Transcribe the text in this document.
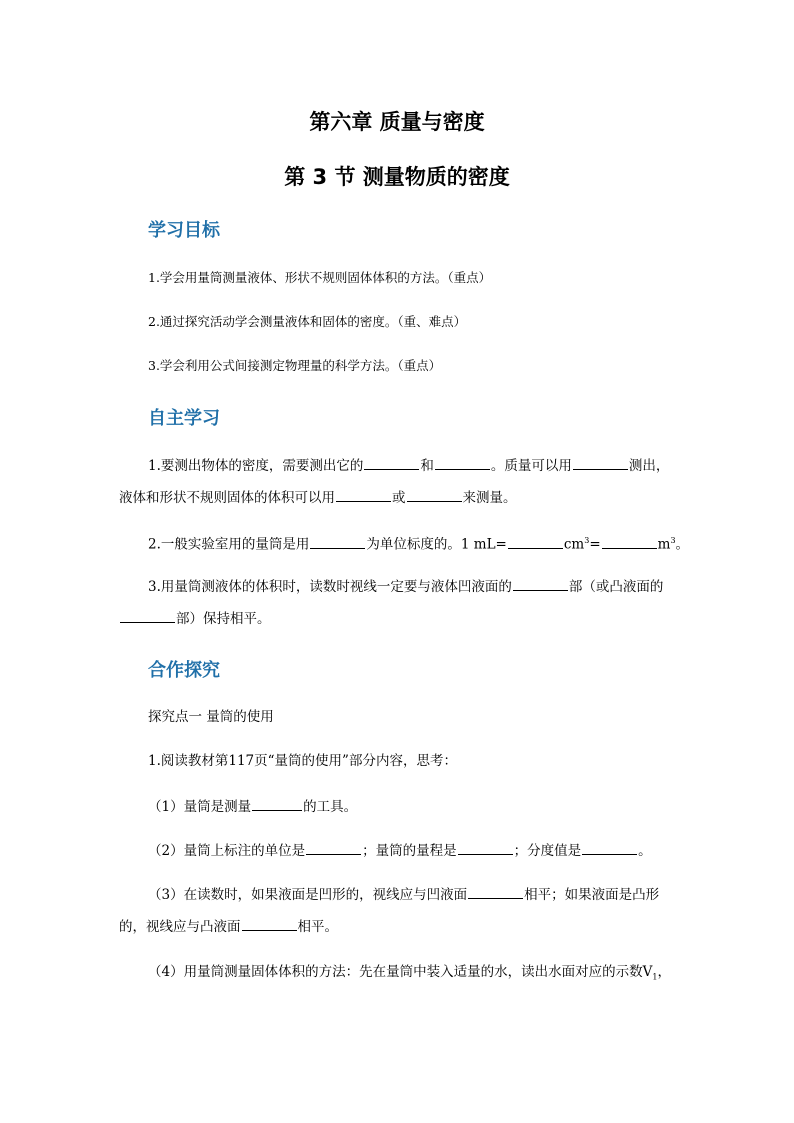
第六章 质量与密度
第 3 节 测量物质的密度
学习目标
1.学会用量筒测量液体、形状不规则固体体积的方法。（重点）
2.通过探究活动学会测量液体和固体的密度。（重、难点）
3.学会利用公式间接测定物理量的科学方法。（重点）
自主学习
1.要测出物体的密度，需要测出它的	和	。质量可以用	测出，
液体和形状不规则固体的体积可以用	或	来测量。
2.一般实验室用的量筒是用	为单位标度的。1 mL=	$cm^3=$	$m^3$。
3.用量筒测液体的体积时，读数时视线一定要与液体凹液面的	部（或凸液面的
部）保持相平。
合作探究
探究点一 量筒的使用
1.阅读教材第117页“量筒的使用”部分内容，思考：
（1）量筒是测量	的工具。
（2）量筒上标注的单位是	；量筒的量程是	；分度值是	。
（3）在读数时，如果液面是凹形的，视线应与凹液面	相平；如果液面是凸形
的，视线应与凸液面	相平。
（4）用量筒测量固体体积的方法：先在量筒中装入适量的水，读出水面对应的示数$V_1$，
